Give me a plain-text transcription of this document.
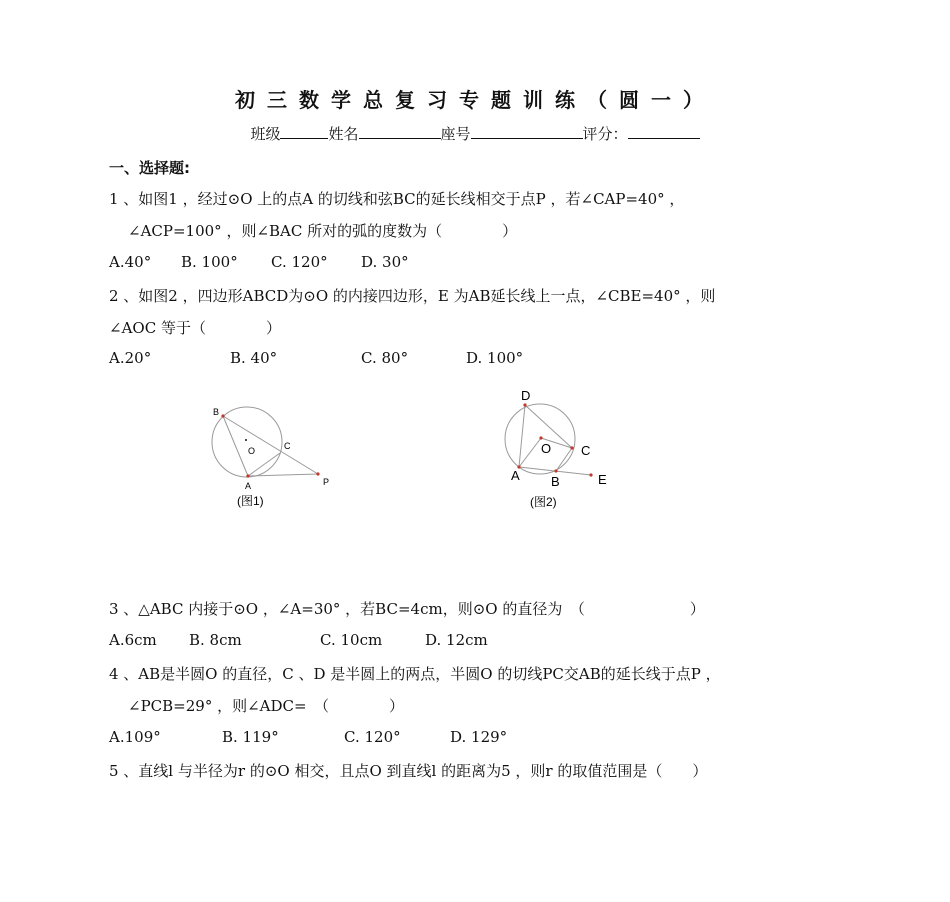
初三数学总复习专题训练（圆一）
班级	姓名	座号	评分：
一、选择题:
1 、如图1 ，经过⊙O 上的点A 的切线和弦BC的延长线相交于点P ，若∠CAP=40° ，
∠ACP=100° ，则∠BAC 所对的弧的度数为（　　　　）
A.40° B. 100° C. 120° D. 30°
2 、如图2 ，四边形ABCD为⊙O 的内接四边形，E 为AB延长线上一点，∠CBE=40° ，则
∠AOC 等于（　　　　）
A.20°	B. 40°	C. 80°	D. 100°
B
O	C
A	P
(图1)
D
O C
A B	E
(图2)
3 、△ABC 内接于⊙O ，∠A=30° ，若BC=4cm，则⊙O 的直径为　（　　　　　　　）
A.6cm B. 8cm	C. 10cm	D. 12cm
4 、AB是半圆O 的直径，C 、D 是半圆上的两点，半圆O 的切线PC交AB的延长线于点P ，
∠PCB=29° ，则∠ADC=　（　　　　）
A.109°	B. 119°	C. 120°	D. 129°
5 、直线l 与半径为r 的⊙O 相交，且点O 到直线l 的距离为5 ，则r 的取值范围是（　　）
